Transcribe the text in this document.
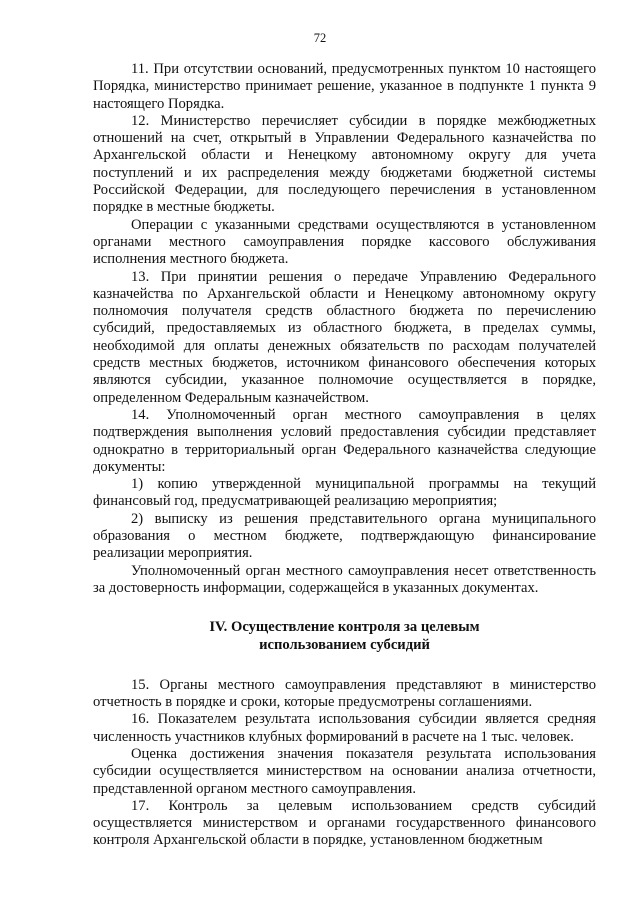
72

11. При отсутствии оснований, предусмотренных пунктом 10 настоящего Порядка, министерство принимает решение, указанное в подпункте 1 пункта 9 настоящего Порядка.

12. Министерство перечисляет субсидии в порядке межбюджетных отношений на счет, открытый в Управлении Федерального казначейства по Архангельской области и Ненецкому автономному округу для учета поступлений и их распределения между бюджетами бюджетной системы Российской Федерации, для последующего перечисления в установленном порядке в местные бюджеты.

Операции с указанными средствами осуществляются в установленном органами местного самоуправления порядке кассового обслуживания исполнения местного бюджета.

13. При принятии решения о передаче Управлению Федерального казначейства по Архангельской области и Ненецкому автономному округу полномочия получателя средств областного бюджета по перечислению субсидий, предоставляемых из областного бюджета, в пределах суммы, необходимой для оплаты денежных обязательств по расходам получателей средств местных бюджетов, источником финансового обеспечения которых являются субсидии, указанное полномочие осуществляется в порядке, определенном Федеральным казначейством.

14. Уполномоченный орган местного самоуправления в целях подтверждения выполнения условий предоставления субсидии представляет однократно в территориальный орган Федерального казначейства следующие документы:

1) копию утвержденной муниципальной программы на текущий финансовый год, предусматривающей реализацию мероприятия;

2) выписку из решения представительного органа муниципального образования о местном бюджете, подтверждающую финансирование реализации мероприятия.

Уполномоченный орган местного самоуправления несет ответственность за достоверность информации, содержащейся в указанных документах.

IV. Осуществление контроля за целевым
использованием субсидий

15. Органы местного самоуправления представляют в министерство отчетность в порядке и сроки, которые предусмотрены соглашениями.

16. Показателем результата использования субсидии является средняя численность участников клубных формирований в расчете на 1 тыс. человек.

Оценка достижения значения показателя результата использования субсидии осуществляется министерством на основании анализа отчетности, представленной органом местного самоуправления.

17. Контроль за целевым использованием средств субсидий осуществляется министерством и органами государственного финансового контроля Архангельской области в порядке, установленном бюджетным
